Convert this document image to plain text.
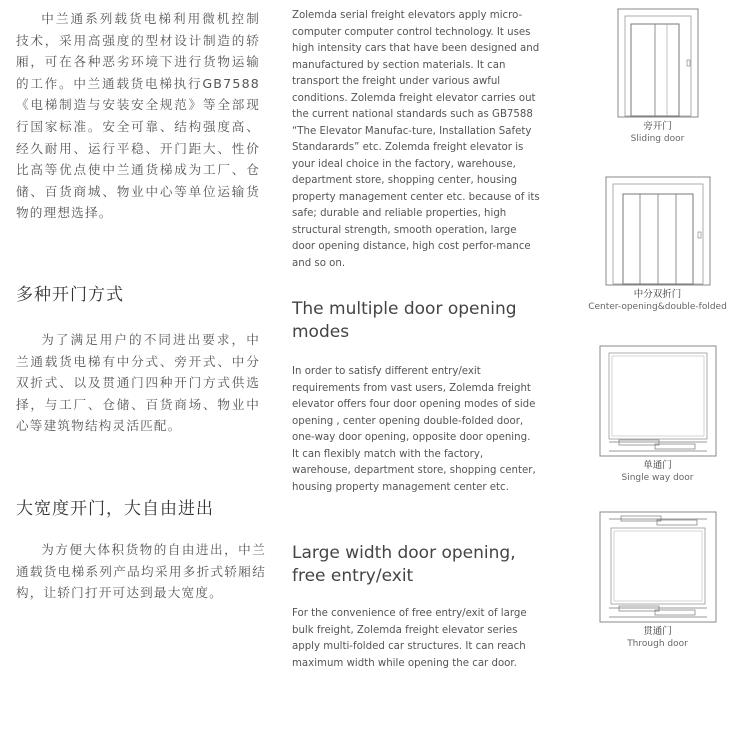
中兰通系列载货电梯利用微机控制技术，采用高强度的型材设计制造的轿厢，可在各种恶劣环境下进行货物运输的工作。中兰通载货电梯执行GB7588《电梯制造与安装安全规范》等全部现行国家标准。安全可靠、结构强度高、经久耐用、运行平稳、开门距大、性价比高等优点使中兰通货梯成为工厂、仓储、百货商城、物业中心等单位运输货物的理想选择。

多种开门方式

为了满足用户的不同进出要求，中兰通载货电梯有中分式、旁开式、中分双折式、以及贯通门四种开门方式供选择，与工厂、仓储、百货商场、物业中心等建筑物结构灵活匹配。

大宽度开门，大自由进出

为方便大体积货物的自由进出，中兰通载货电梯系列产品均采用多折式轿厢结构，让轿门打开可达到最大宽度。

Zolemda serial freight elevators apply micro-computer computer control technology. It uses high intensity cars that have been designed and manufactured by section materials. It can transport the freight under various awful conditions. Zolemda freight elevator carries out the current national standards such as GB7588 “The Elevator Manufac-ture, Installation Safety Standarards” etc. Zolemda freight elevator is your ideal choice in the factory, warehouse, department store, shopping center, housing property management center etc. because of its safe; durable and reliable properties, high structural strength, smooth operation, large door opening distance, high cost perfor-mance and so on.

The multiple door opening modes

In order to satisfy different entry/exit requirements from vast users, Zolemda freight elevator offers four door opening modes of side opening , center opening double-folded door, one-way door opening, opposite door opening. It can flexibly match with the factory, warehouse, department store, shopping center, housing property management center etc.

Large width door opening, free entry/exit

For the convenience of free entry/exit of large bulk freight, Zolemda freight elevator series apply multi-folded car structures. It can reach maximum width while opening the car door.

旁开门
Sliding door
中分双折门
Center-opening&double-folded
单通门
Single way door
贯通门
Through door
